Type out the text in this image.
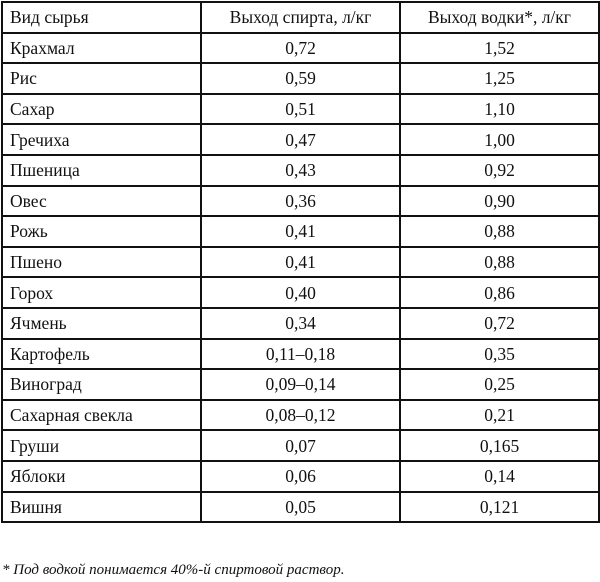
Вид сырья	Выход спирта, л/кг	Выход водки*, л/кг
Крахмал	0,72	1,52
Рис	0,59	1,25
Сахар	0,51	1,10
Гречиха	0,47	1,00
Пшеница	0,43	0,92
Овес	0,36	0,90
Рожь	0,41	0,88
Пшено	0,41	0,88
Горох	0,40	0,86
Ячмень	0,34	0,72
Картофель	0,11–0,18	0,35
Виноград	0,09–0,14	0,25
Сахарная свекла	0,08–0,12	0,21
Груши	0,07	0,165
Яблоки	0,06	0,14
Вишня	0,05	0,121
* Под водкой понимается 40%-й спиртовой раствор.
